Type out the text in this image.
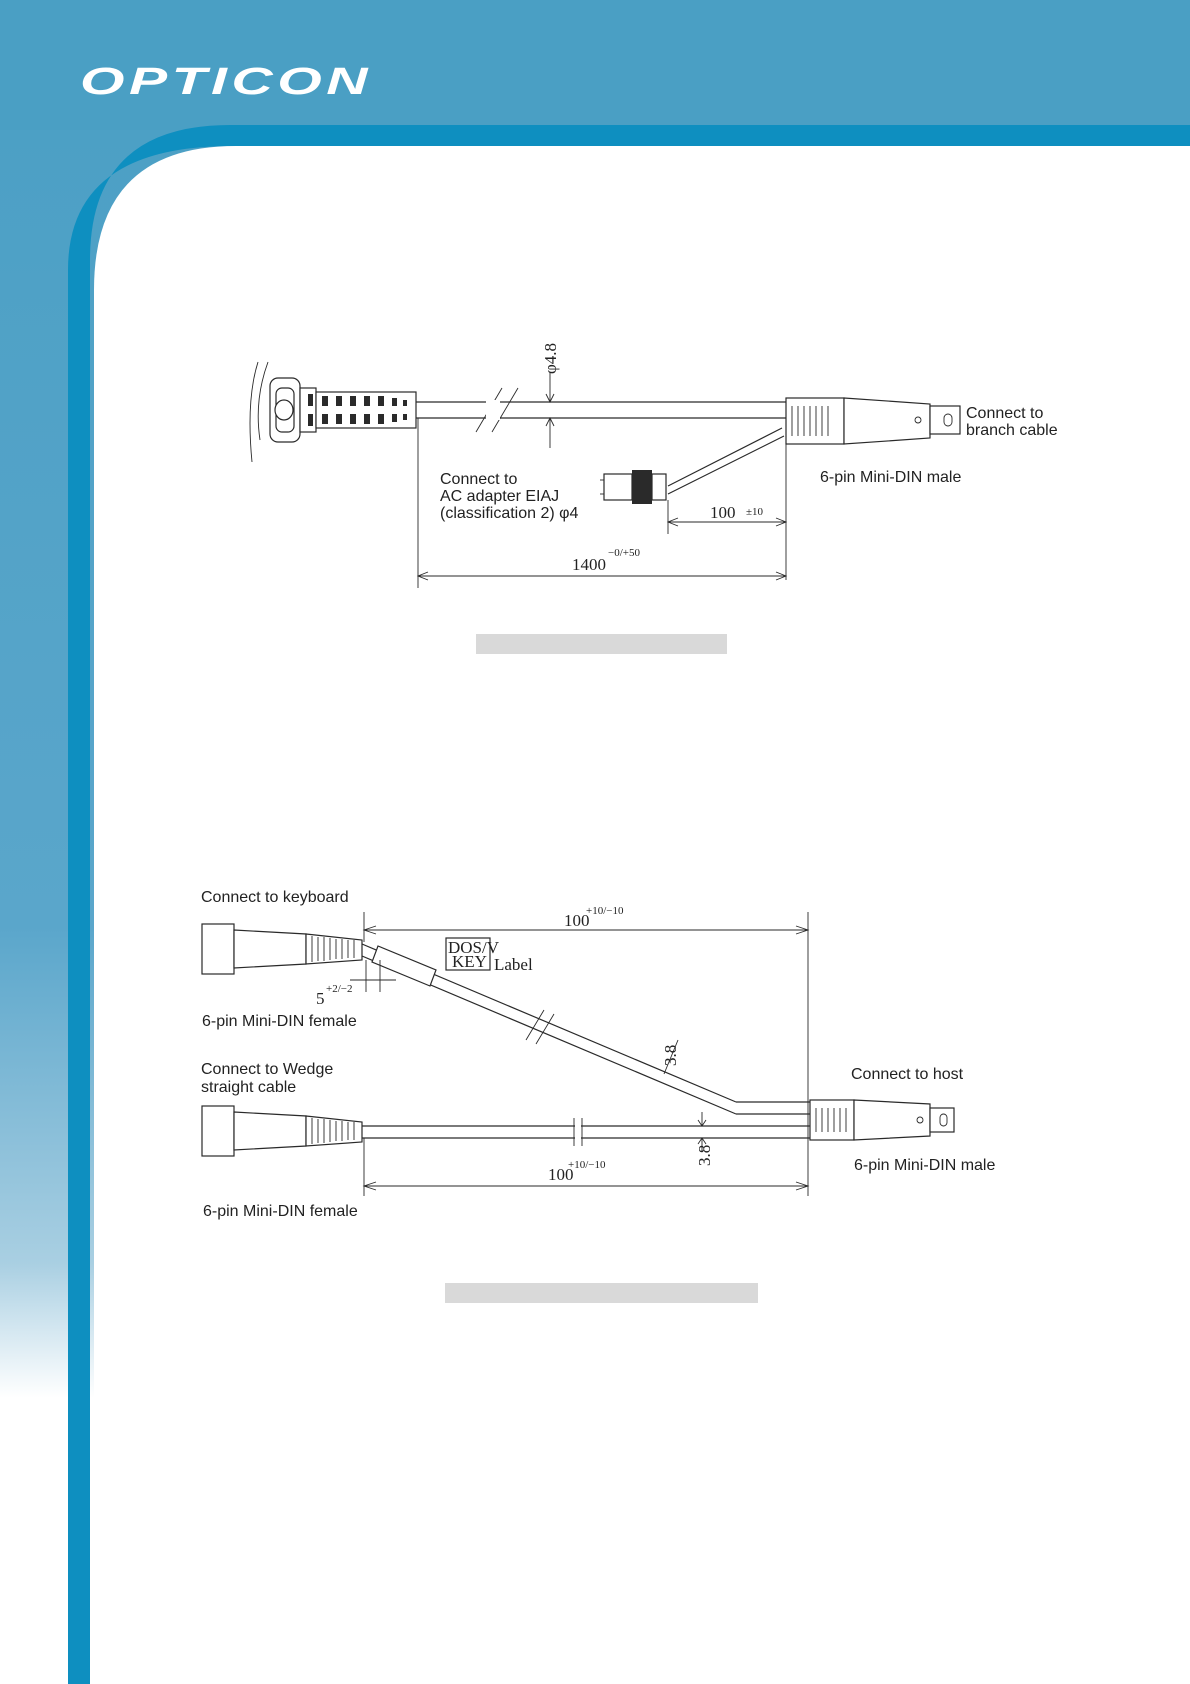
OPTICON
φ4.8
100 ±10
1400
−0/+50
Connect to
AC adapter EIAJ
(classification 2) φ4
Connect to
branch cable
6-pin Mini-DIN male
DOS/V
KEY Label
3.8
5 +2/−2
100
+10/−10
3.8
100
+10/−10
Connect to keyboard
6-pin Mini-DIN female
Connect to Wedge
straight cable
Connect to host
6-pin Mini-DIN male
6-pin Mini-DIN female
